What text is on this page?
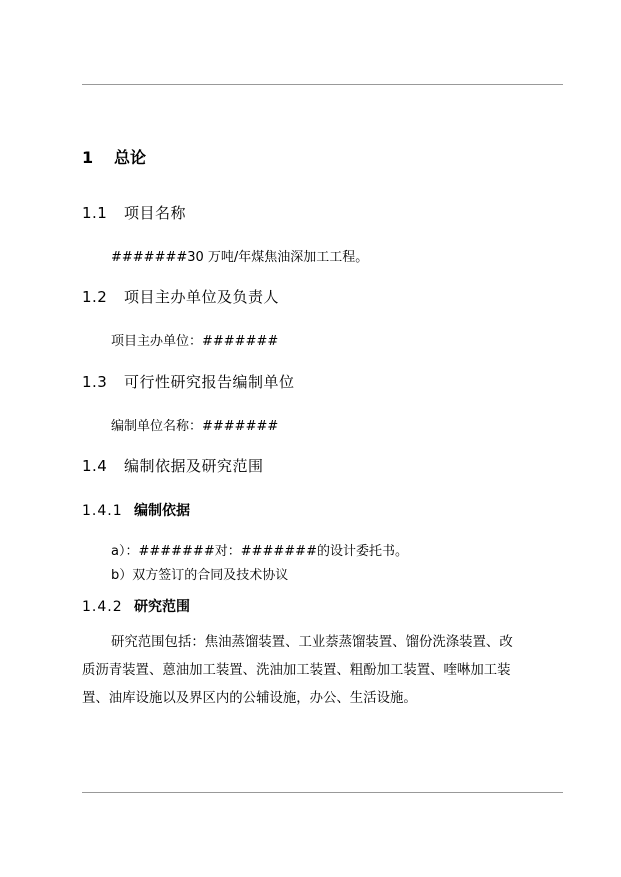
1 总论
1.1 项目名称
#######30 万吨/年煤焦油深加工工程。
1.2 项目主办单位及负责人
项目主办单位：#######
1.3 可行性研究报告编制单位
编制单位名称：#######
1.4 编制依据及研究范围
1.4.1 编制依据
a）：#######对：#######的设计委托书。
b）双方签订的合同及技术协议
1.4.2 研究范围
研究范围包括：焦油蒸馏装置、工业萘蒸馏装置、馏份洗涤装置、改
质沥青装置、蒽油加工装置、洗油加工装置、粗酚加工装置、喹啉加工装
置、油库设施以及界区内的公辅设施，办公、生活设施。
